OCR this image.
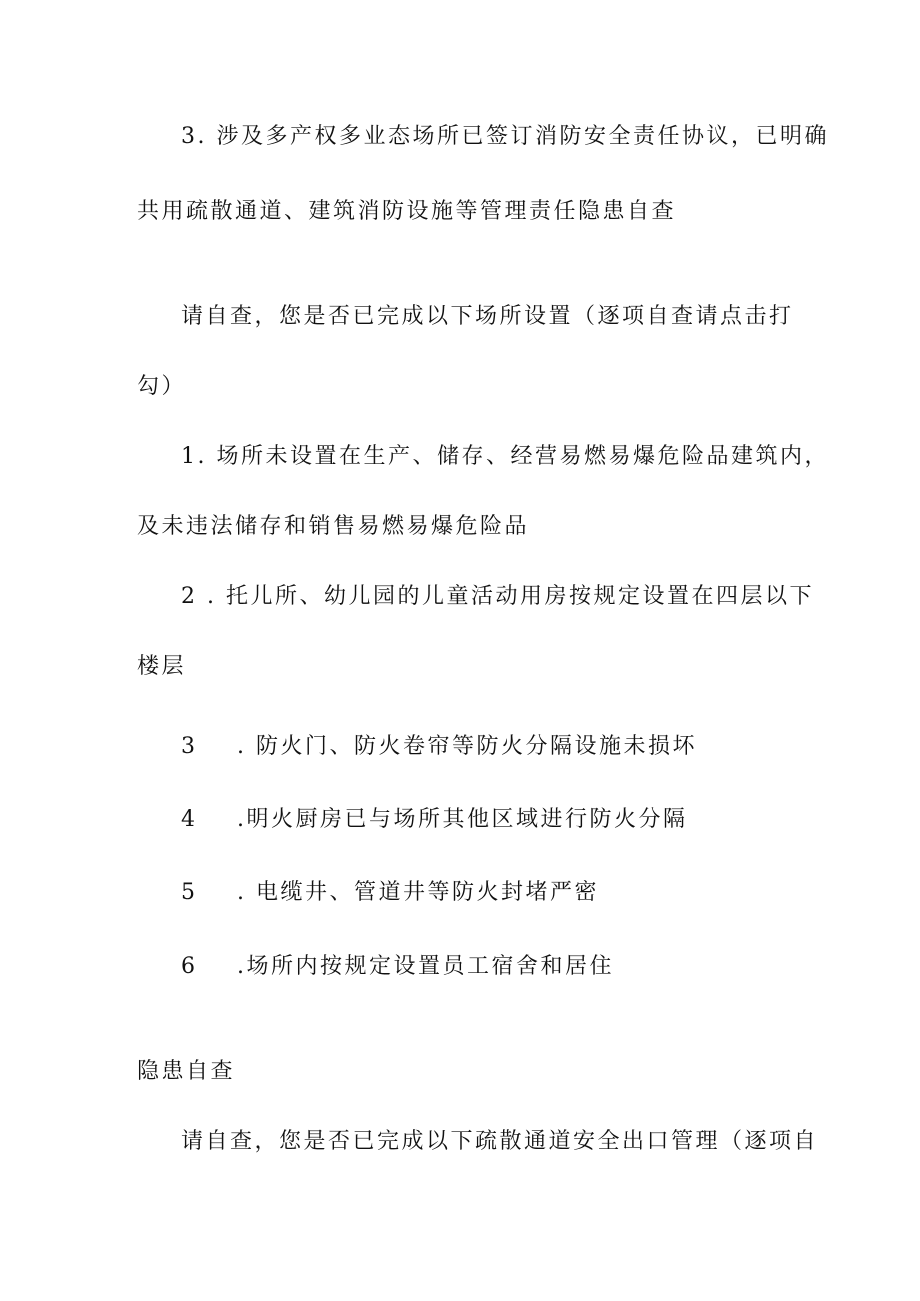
3. 涉及多产权多业态场所已签订消防安全责任协议，已明确
共用疏散通道、建筑消防设施等管理责任隐患自查
请自查，您是否已完成以下场所设置（逐项自查请点击打
勾）
1. 场所未设置在生产、储存、经营易燃易爆危险品建筑内，
及未违法储存和销售易燃易爆危险品
2 . 托儿所、幼儿园的儿童活动用房按规定设置在四层以下
楼层
3 . 防火门、防火卷帘等防火分隔设施未损坏
4 .明火厨房已与场所其他区域进行防火分隔
5 . 电缆井、管道井等防火封堵严密
6 .场所内按规定设置员工宿舍和居住
隐患自查
请自查，您是否已完成以下疏散通道安全出口管理（逐项自
